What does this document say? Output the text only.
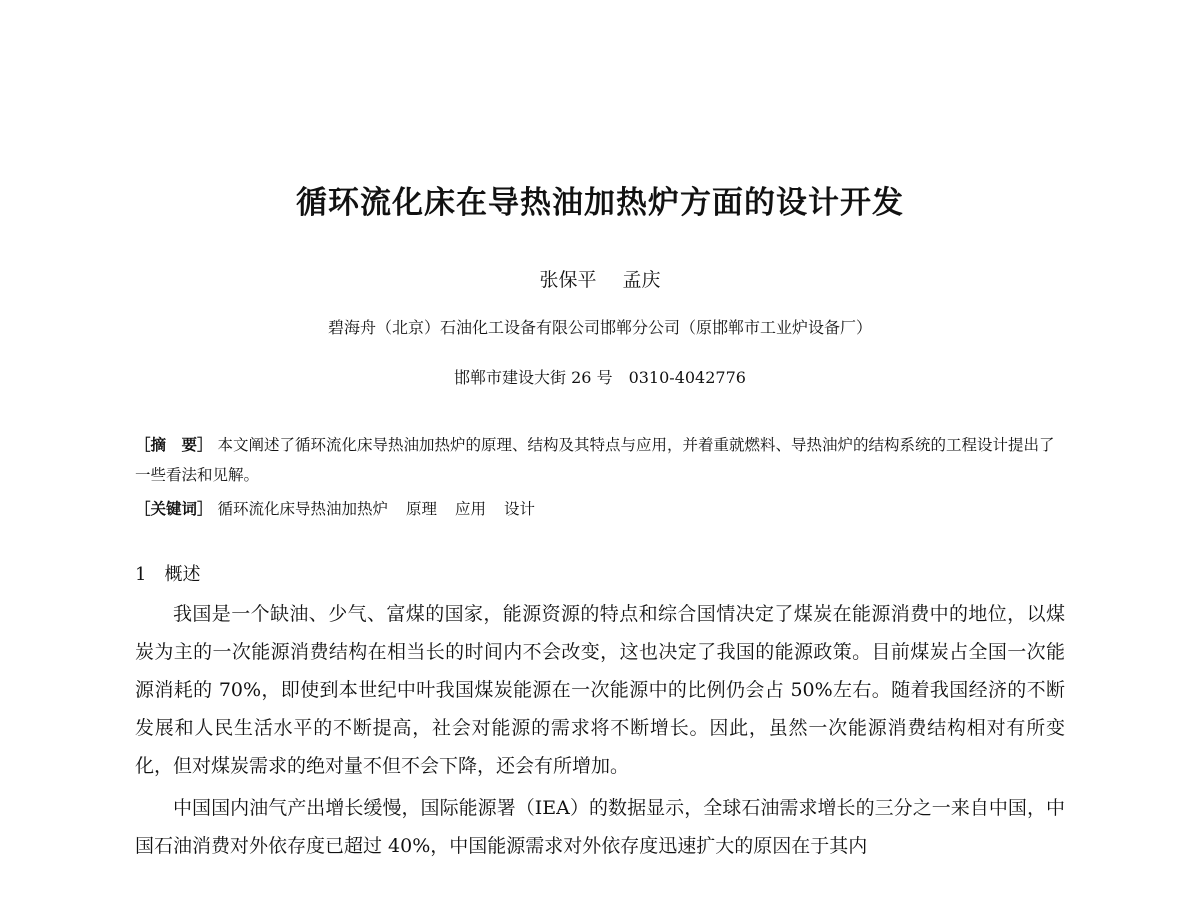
循环流化床在导热油加热炉方面的设计开发
张保平 孟庆
碧海舟（北京）石油化工设备有限公司邯郸分公司（原邯郸市工业炉设备厂）
邯郸市建设大街 26 号　0310-4042776
［摘　要］ 本文阐述了循环流化床导热油加热炉的原理、结构及其特点与应用，并着重就燃料、导热油炉的结构系统的工程设计提出了一些看法和见解。
［关键词］ 循环流化床导热油加热炉 原理 应用 设计
1 概述

我国是一个缺油、少气、富煤的国家，能源资源的特点和综合国情决定了煤炭在能源消费中的地位，以煤炭为主的一次能源消费结构在相当长的时间内不会改变，这也决定了我国的能源政策。目前煤炭占全国一次能源消耗的 70%，即使到本世纪中叶我国煤炭能源在一次能源中的比例仍会占 50%左右。随着我国经济的不断发展和人民生活水平的不断提高，社会对能源的需求将不断增长。因此，虽然一次能源消费结构相对有所变化，但对煤炭需求的绝对量不但不会下降，还会有所增加。

中国国内油气产出增长缓慢，国际能源署（IEA）的数据显示，全球石油需求增长的三分之一来自中国，中国石油消费对外依存度已超过 40%，中国能源需求对外依存度迅速扩大的原因在于其内
